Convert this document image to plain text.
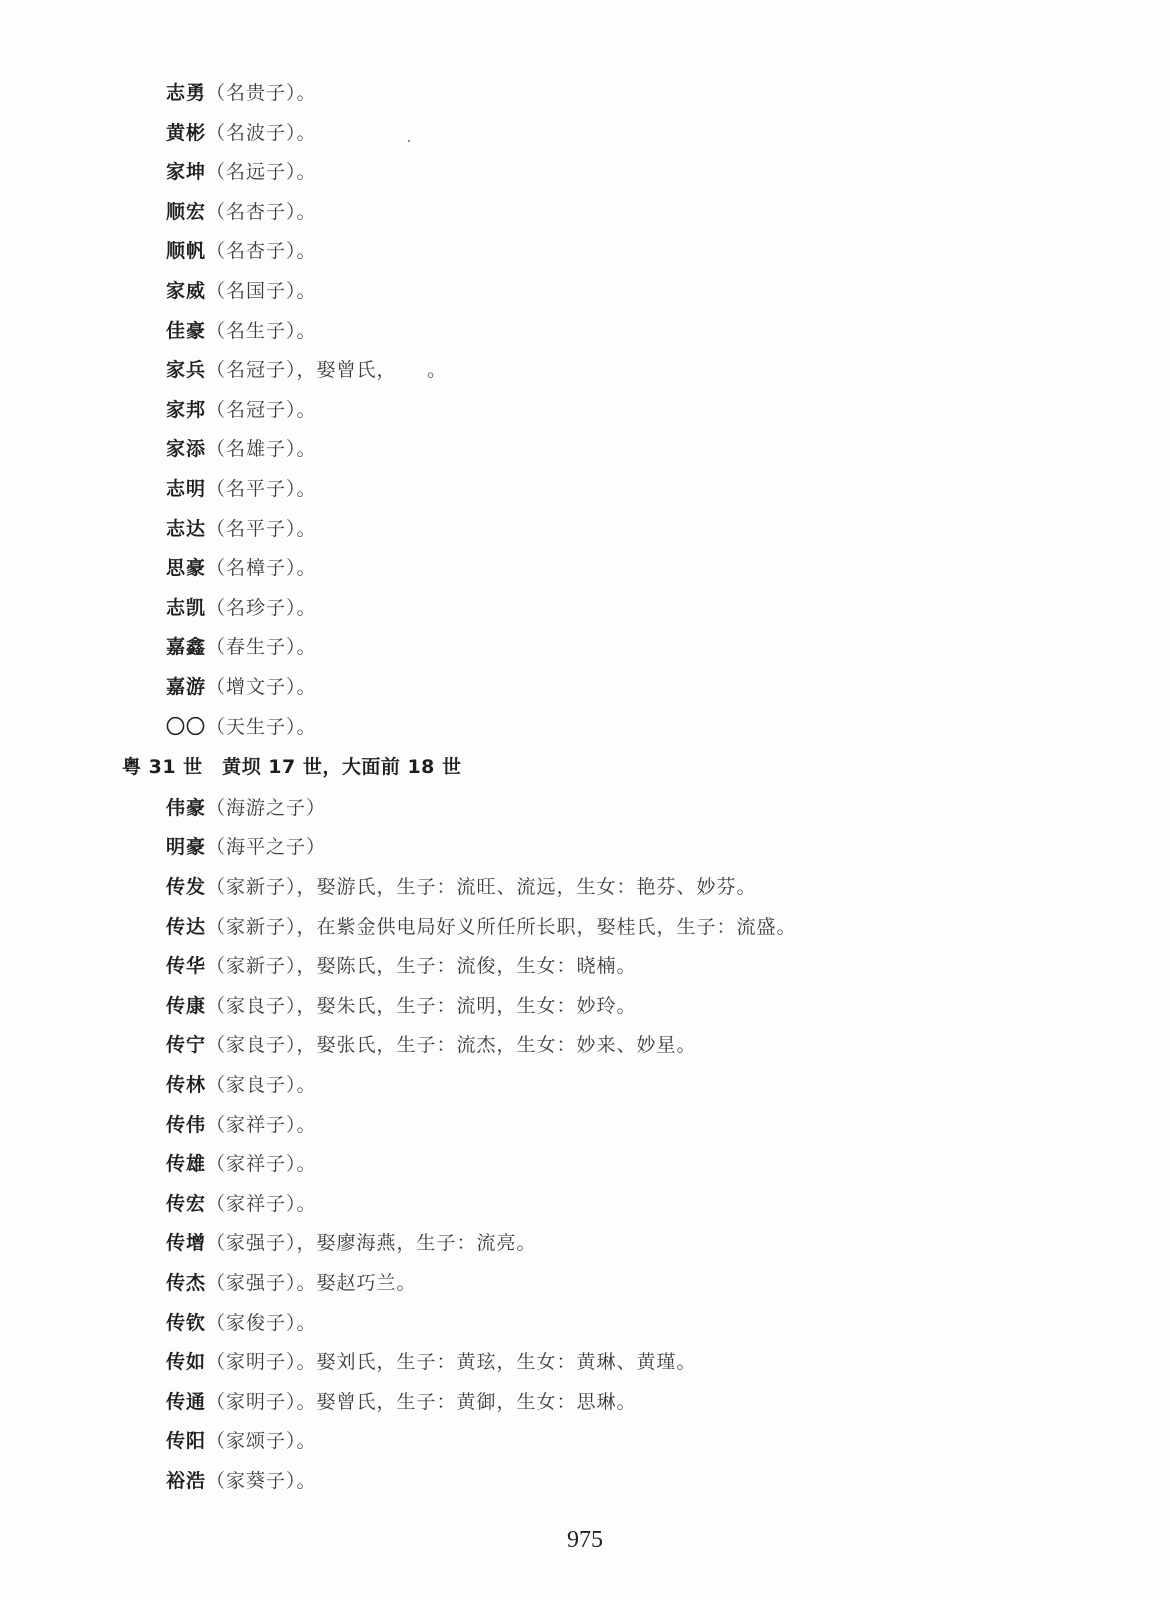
志勇（名贵子）。
黄彬（名波子）。
家坤（名远子）。
顺宏（名杏子）。
顺帆（名杏子）。
家威（名国子）。
佳豪（名生子）。
家兵（名冠子），娶曾氏，　　。
家邦（名冠子）。
家添（名雄子）。
志明（名平子）。
志达（名平子）。
思豪（名樟子）。
志凯（名珍子）。
嘉鑫（春生子）。
嘉游（增文子）。
〇〇（天生子）。
伟豪（海游之子）
明豪（海平之子）
传发（家新子），娶游氏，生子：流旺、流远，生女：艳芬、妙芬。
传达（家新子），在紫金供电局好义所任所长职，娶桂氏，生子：流盛。
传华（家新子），娶陈氏，生子：流俊，生女：晓楠。
传康（家良子），娶朱氏，生子：流明，生女：妙玲。
传宁（家良子），娶张氏，生子：流杰，生女：妙来、妙星。
传林（家良子）。
传伟（家祥子）。
传雄（家祥子）。
传宏（家祥子）。
传增（家强子），娶廖海燕，生子：流亮。
传杰（家强子）。娶赵巧兰。
传钦（家俊子）。
传如（家明子）。娶刘氏，生子：黄玹，生女：黄琳、黄瑾。
传通（家明子）。娶曾氏，生子：黄御，生女：思琳。
传阳（家颂子）。
裕浩（家葵子）。
粤 31 世　黄坝 17 世，大面前 18 世
975
